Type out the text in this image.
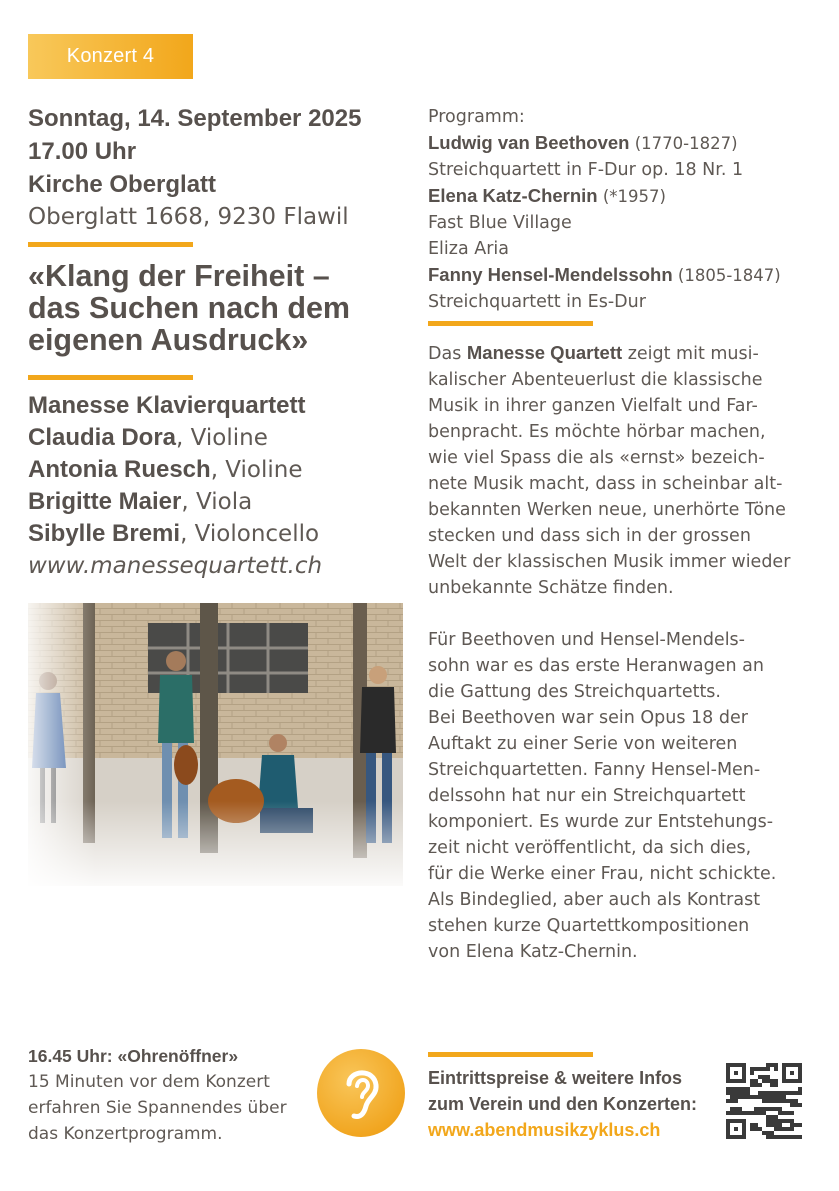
Konzert 4
Sonntag, 14. September 2025
17.00 Uhr
Kirche Oberglatt
Oberglatt 1668, 9230 Flawil
«Klang der Freiheit –
das Suchen nach dem
eigenen Ausdruck»
Manesse Klavierquartett
Claudia Dora, Violine
Antonia Ruesch, Violine
Brigitte Maier, Viola
Sibylle Bremi, Violoncello
www.manessequartett.ch
Programm:
Ludwig van Beethoven (1770-1827)
Streichquartett in F-Dur op. 18 Nr. 1
Elena Katz-Chernin (*1957)
Fast Blue Village
Eliza Aria
Fanny Hensel-Mendelssohn (1805-1847)
Streichquartett in Es-Dur

Das Manesse Quartett zeigt mit musi-
kalischer Abenteuerlust die klassische
Musik in ihrer ganzen Vielfalt und Far-
benpracht. Es möchte hörbar machen,
wie viel Spass die als «ernst» bezeich-
nete Musik macht, dass in scheinbar alt-
bekannten Werken neue, unerhörte Töne
stecken und dass sich in der grossen
Welt der klassischen Musik immer wieder
unbekannte Schätze finden.

Für Beethoven und Hensel-Mendels-
sohn war es das erste Heranwagen an
die Gattung des Streichquartetts.
Bei Beethoven war sein Opus 18 der
Auftakt zu einer Serie von weiteren
Streichquartetten. Fanny Hensel-Men-
delssohn hat nur ein Streichquartett
komponiert. Es wurde zur Entstehungs-
zeit nicht veröffentlicht, da sich dies,
für die Werke einer Frau, nicht schickte.
Als Bindeglied, aber auch als Kontrast
stehen kurze Quartettkompositionen
von Elena Katz-Chernin.

16.45 Uhr: «Ohrenöffner»
15 Minuten vor dem Konzert
erfahren Sie Spannendes über
das Konzertprogramm.
Eintrittspreise & weitere Infos
zum Verein und den Konzerten:
www.abendmusikzyklus.ch
